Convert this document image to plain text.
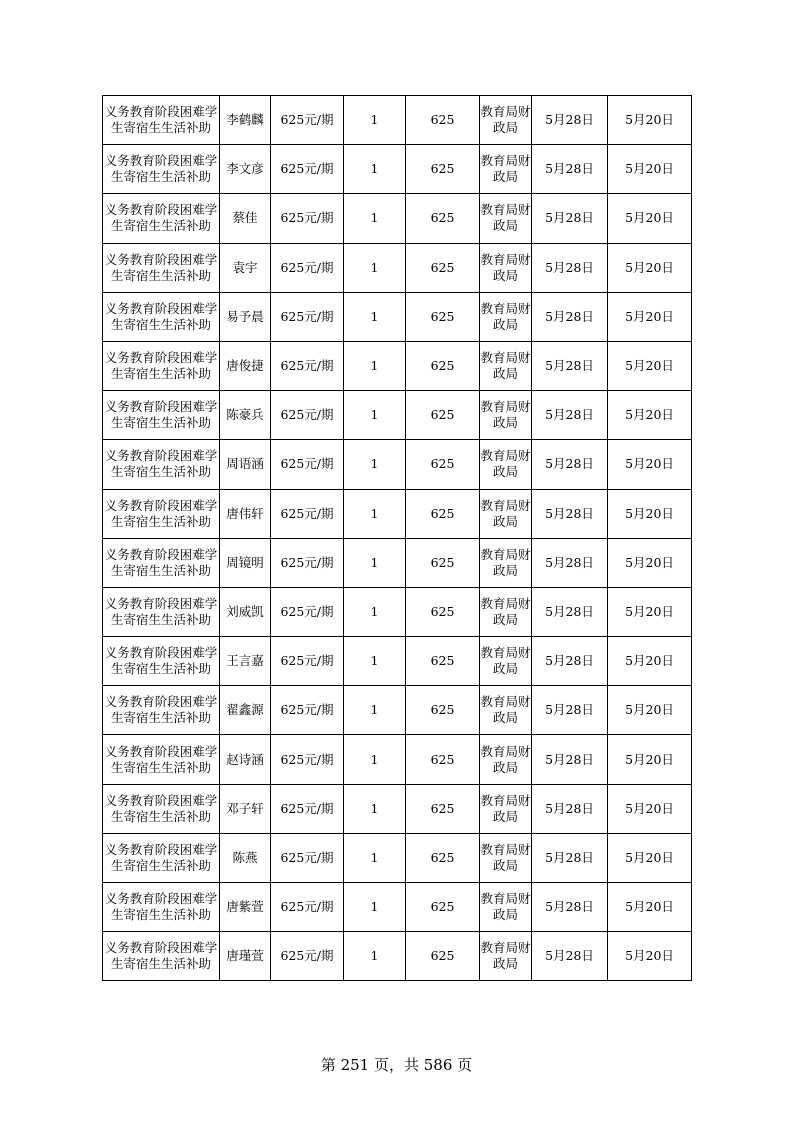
义务教育阶段困难学生寄宿生生活补助	李鹤麟	625元/期	1	625	教育局财政局	5月28日	5月20日
义务教育阶段困难学生寄宿生生活补助	李文彦	625元/期	1	625	教育局财政局	5月28日	5月20日
义务教育阶段困难学生寄宿生生活补助	蔡佳	625元/期	1	625	教育局财政局	5月28日	5月20日
义务教育阶段困难学生寄宿生生活补助	袁宇	625元/期	1	625	教育局财政局	5月28日	5月20日
义务教育阶段困难学生寄宿生生活补助	易予晨	625元/期	1	625	教育局财政局	5月28日	5月20日
义务教育阶段困难学生寄宿生生活补助	唐俊捷	625元/期	1	625	教育局财政局	5月28日	5月20日
义务教育阶段困难学生寄宿生生活补助	陈豪兵	625元/期	1	625	教育局财政局	5月28日	5月20日
义务教育阶段困难学生寄宿生生活补助	周语涵	625元/期	1	625	教育局财政局	5月28日	5月20日
义务教育阶段困难学生寄宿生生活补助	唐伟轩	625元/期	1	625	教育局财政局	5月28日	5月20日
义务教育阶段困难学生寄宿生生活补助	周镜明	625元/期	1	625	教育局财政局	5月28日	5月20日
义务教育阶段困难学生寄宿生生活补助	刘威凯	625元/期	1	625	教育局财政局	5月28日	5月20日
义务教育阶段困难学生寄宿生生活补助	王言嘉	625元/期	1	625	教育局财政局	5月28日	5月20日
义务教育阶段困难学生寄宿生生活补助	翟鑫源	625元/期	1	625	教育局财政局	5月28日	5月20日
义务教育阶段困难学生寄宿生生活补助	赵诗涵	625元/期	1	625	教育局财政局	5月28日	5月20日
义务教育阶段困难学生寄宿生生活补助	邓子轩	625元/期	1	625	教育局财政局	5月28日	5月20日
义务教育阶段困难学生寄宿生生活补助	陈燕	625元/期	1	625	教育局财政局	5月28日	5月20日
义务教育阶段困难学生寄宿生生活补助	唐紫萱	625元/期	1	625	教育局财政局	5月28日	5月20日
义务教育阶段困难学生寄宿生生活补助	唐瑾萱	625元/期	1	625	教育局财政局	5月28日	5月20日
第 251 页，共 586 页
